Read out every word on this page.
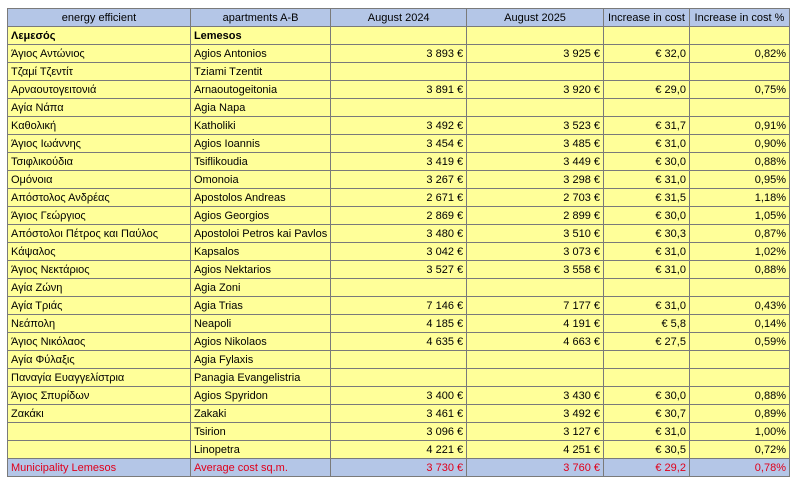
energy efficient	apartments A-B	August 2024	August 2025	Increase in cost	Increase in cost %
Λεμεσός	Lemesos				
Άγιος Αντώνιος	Agios Antonios	3 893 €	3 925 €	€ 32,0	0,82%
Τζαμί Τζεντίτ	Tziami Tzentit				
Αρναουτογειτονιά	Arnaoutogeitonia	3 891 €	3 920 €	€ 29,0	0,75%
Αγία Νάπα	Agia Napa				
Καθολική	Katholiki	3 492 €	3 523 €	€ 31,7	0,91%
Άγιος Ιωάννης	Agios Ioannis	3 454 €	3 485 €	€ 31,0	0,90%
Τσιφλικούδια	Tsiflikoudia	3 419 €	3 449 €	€ 30,0	0,88%
Ομόνοια	Omonoia	3 267 €	3 298 €	€ 31,0	0,95%
Απόστολος Ανδρέας	Apostolos Andreas	2 671 €	2 703 €	€ 31,5	1,18%
Άγιος Γεώργιος	Agios Georgios	2 869 €	2 899 €	€ 30,0	1,05%
Απόστολοι Πέτρος και Παύλος	Apostoloi Petros kai Pavlos	3 480 €	3 510 €	€ 30,3	0,87%
Κάψαλος	Kapsalos	3 042 €	3 073 €	€ 31,0	1,02%
Άγιος Νεκτάριος	Agios Nektarios	3 527 €	3 558 €	€ 31,0	0,88%
Αγία Ζώνη	Agia Zoni				
Αγία Τριάς	Agia Trias	7 146 €	7 177 €	€ 31,0	0,43%
Νεάπολη	Neapoli	4 185 €	4 191 €	€ 5,8	0,14%
Άγιος Νικόλαος	Agios Nikolaos	4 635 €	4 663 €	€ 27,5	0,59%
Αγία Φύλαξις	Agia Fylaxis				
Παναγία Ευαγγελίστρια	Panagia Evangelistria				
Άγιος Σπυρίδων	Agios Spyridon	3 400 €	3 430 €	€ 30,0	0,88%
Ζακάκι	Zakaki	3 461 €	3 492 €	€ 30,7	0,89%
	Tsirion	3 096 €	3 127 €	€ 31,0	1,00%
	Linopetra	4 221 €	4 251 €	€ 30,5	0,72%
Municipality Lemesos	Average cost sq.m.	3 730 €	3 760 €	€ 29,2	0,78%
